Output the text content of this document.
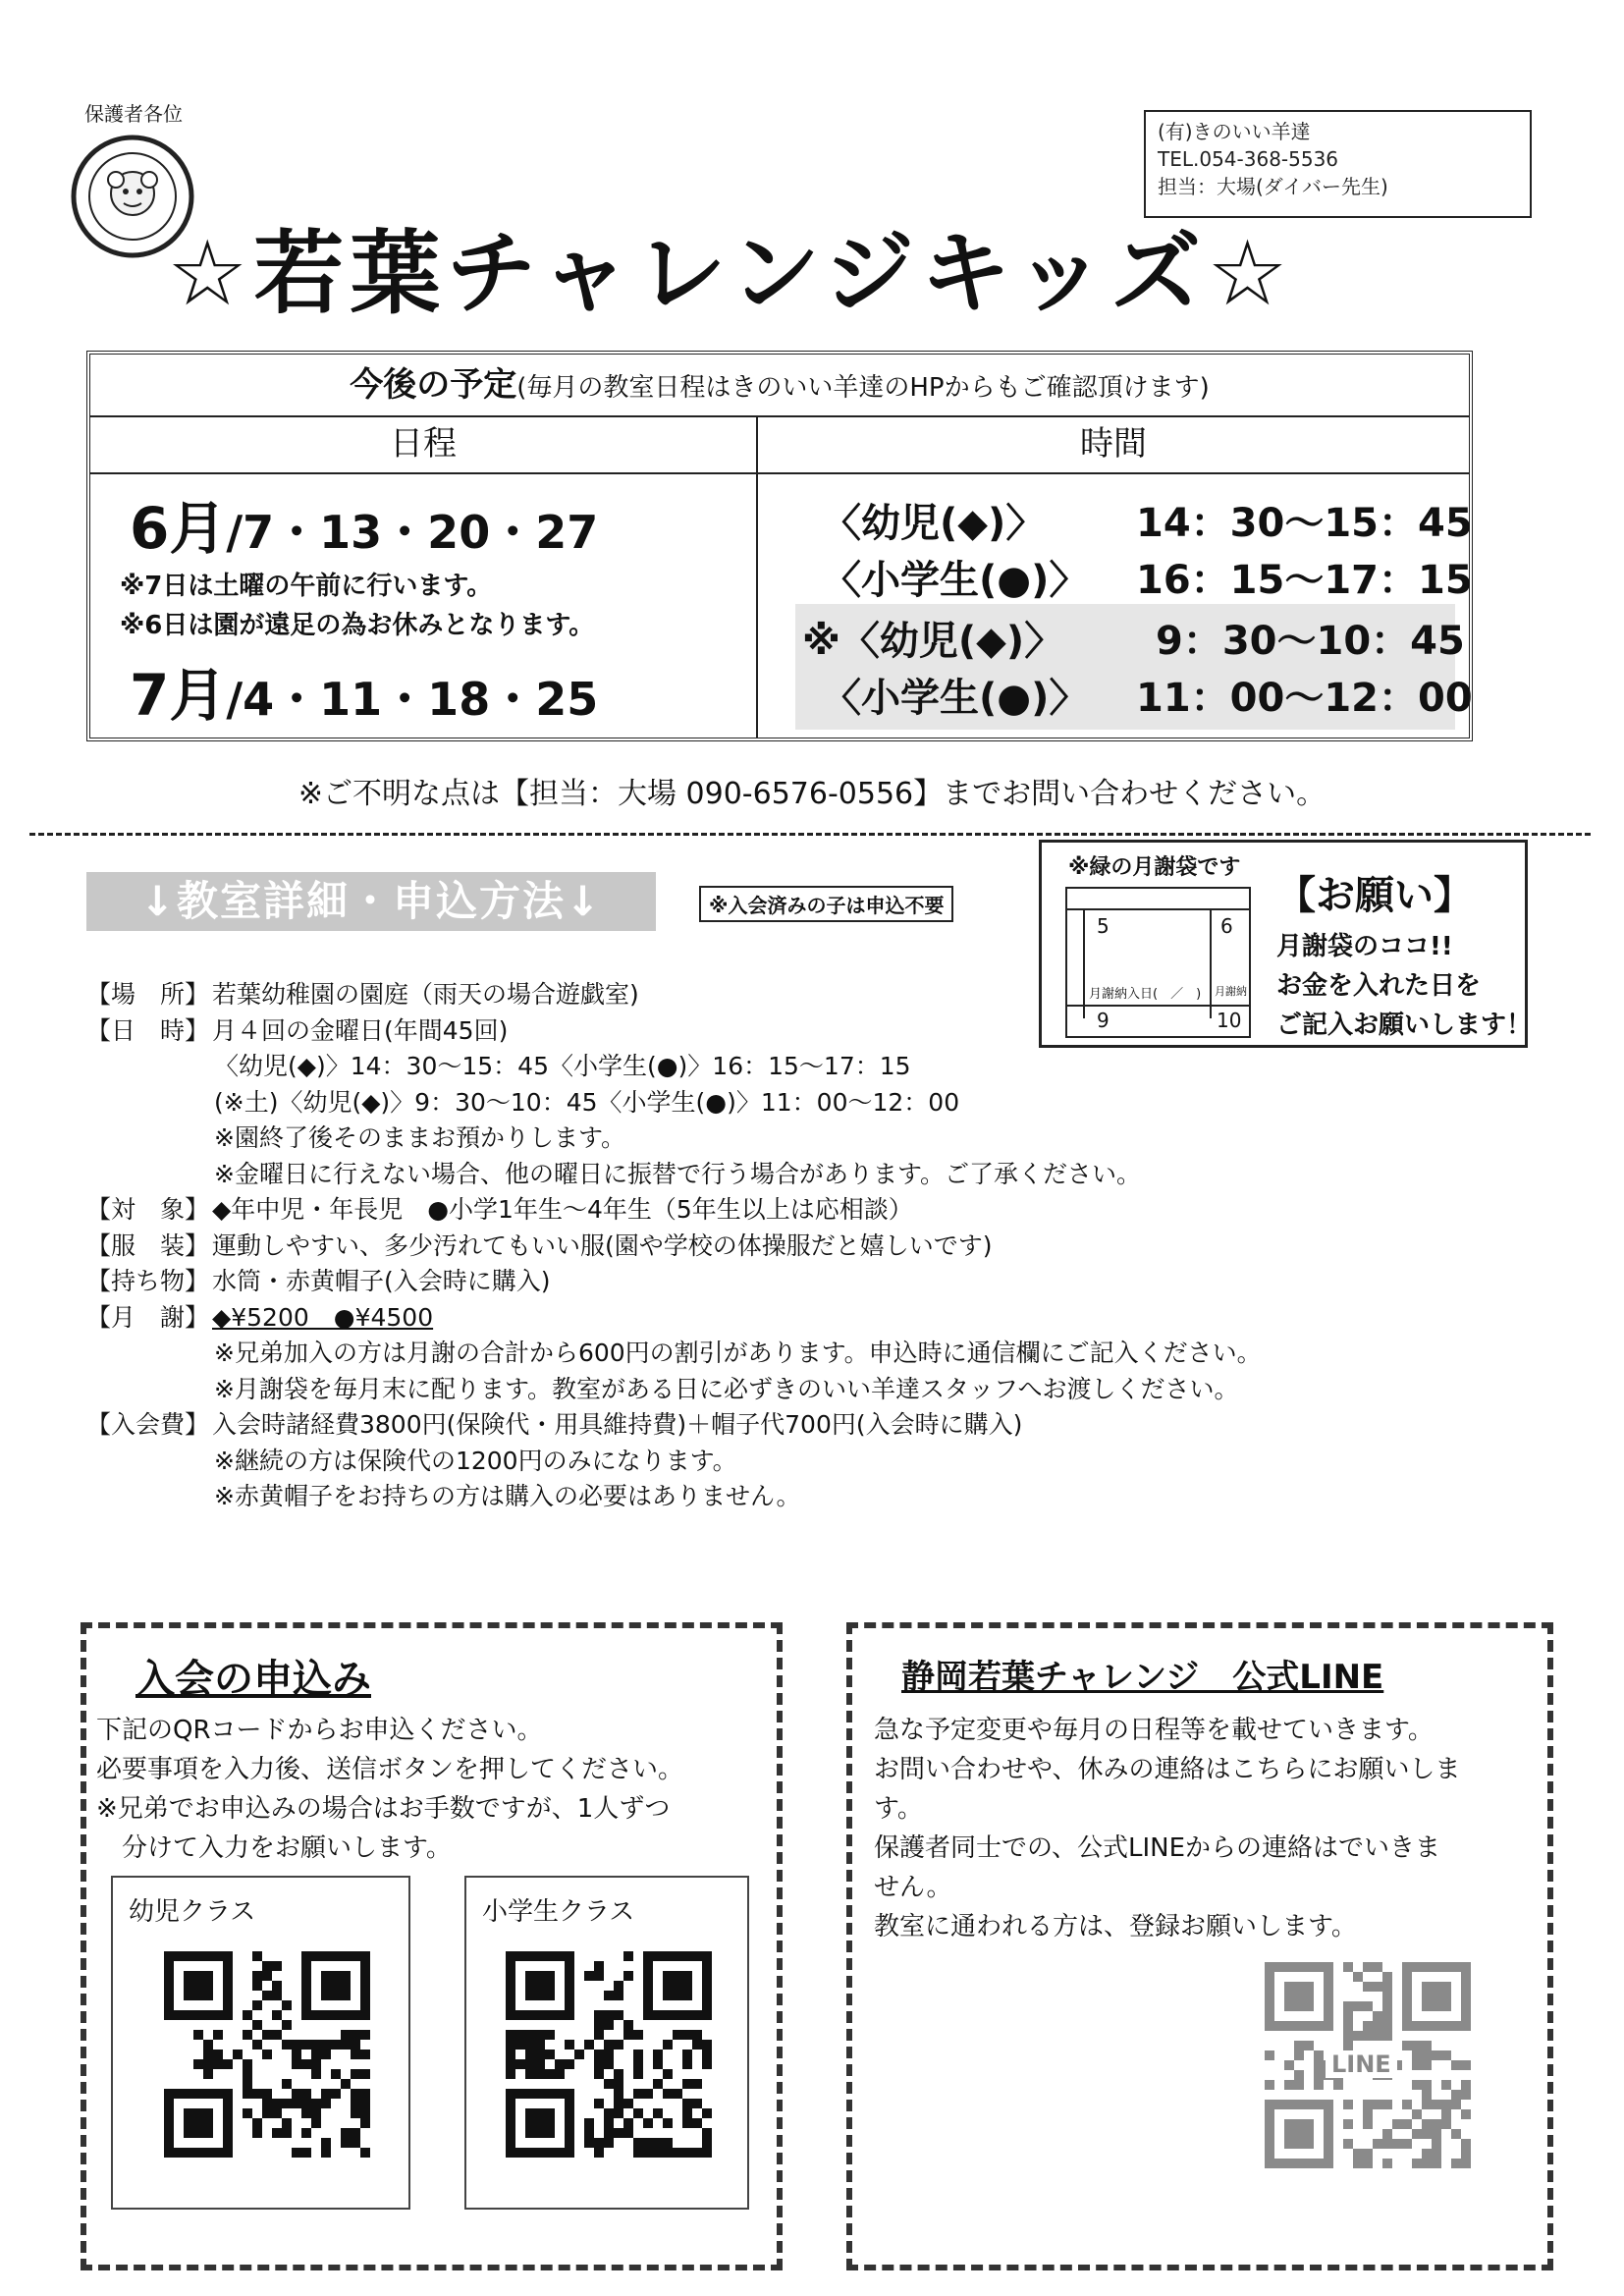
保護者各位
(有)きのいい羊達
TEL.054-368-5536
担当：大場(ダイバー先生)
☆若葉チャレンジキッズ☆
今後の予定(毎月の教室日程はきのいい羊達のHPからもご確認頂けます)
日程	時間
6月/7・13・20・27
※7日は土曜の午前に行います。
※6日は園が遠足の為お休みとなります。
7月/4・11・18・25
〈幼児(◆)〉 14：30〜15：45
〈小学生(●)〉 16：15〜17：15
※〈幼児(◆)〉 9：30〜10：45
〈小学生(●)〉 11：00〜12：00
※ご不明な点は【担当：大場 090-6576-0556】までお問い合わせください。
↓教室詳細・申込方法↓	※入会済みの子は申込不要
※緑の月謝袋です
5	6
月謝納入日(　／　) 月謝納
9	10
【お願い】
月謝袋のココ!!
お金を入れた日を
ご記入お願いします！
【場　所】 若葉幼稚園の園庭（雨天の場合遊戯室)
【日　時】 月４回の金曜日(年間45回)
〈幼児(◆)〉14：30〜15：45〈小学生(●)〉16：15〜17：15
(※土)〈幼児(◆)〉9：30〜10：45〈小学生(●)〉11：00〜12：00
※園終了後そのままお預かりします。
※金曜日に行えない場合、他の曜日に振替で行う場合があります。ご了承ください。
【対　象】 ◆年中児・年長児　●小学1年生〜4年生（5年生以上は応相談）
【服　装】 運動しやすい、多少汚れてもいい服(園や学校の体操服だと嬉しいです)
【持ち物】 水筒・赤黄帽子(入会時に購入)
【月　謝】 ◆¥5200　●¥4500
※兄弟加入の方は月謝の合計から600円の割引があります。申込時に通信欄にご記入ください。
※月謝袋を毎月末に配ります。教室がある日に必ずきのいい羊達スタッフへお渡しください。
【入会費】 入会時諸経費3800円(保険代・用具維持費)＋帽子代700円(入会時に購入)
※継続の方は保険代の1200円のみになります。
※赤黄帽子をお持ちの方は購入の必要はありません。
入会の申込み
下記のQRコードからお申込ください。
必要事項を入力後、送信ボタンを押してください。
※兄弟でお申込みの場合はお手数ですが、1人ずつ
　分けて入力をお願いします。
幼児クラス	小学生クラス
静岡若葉チャレンジ　公式LINE
急な予定変更や毎月の日程等を載せていきます。
お問い合わせや、休みの連絡はこちらにお願いしま
す。
保護者同士での、公式LINEからの連絡はでいきま
せん。
教室に通われる方は、登録お願いします。
LINE
